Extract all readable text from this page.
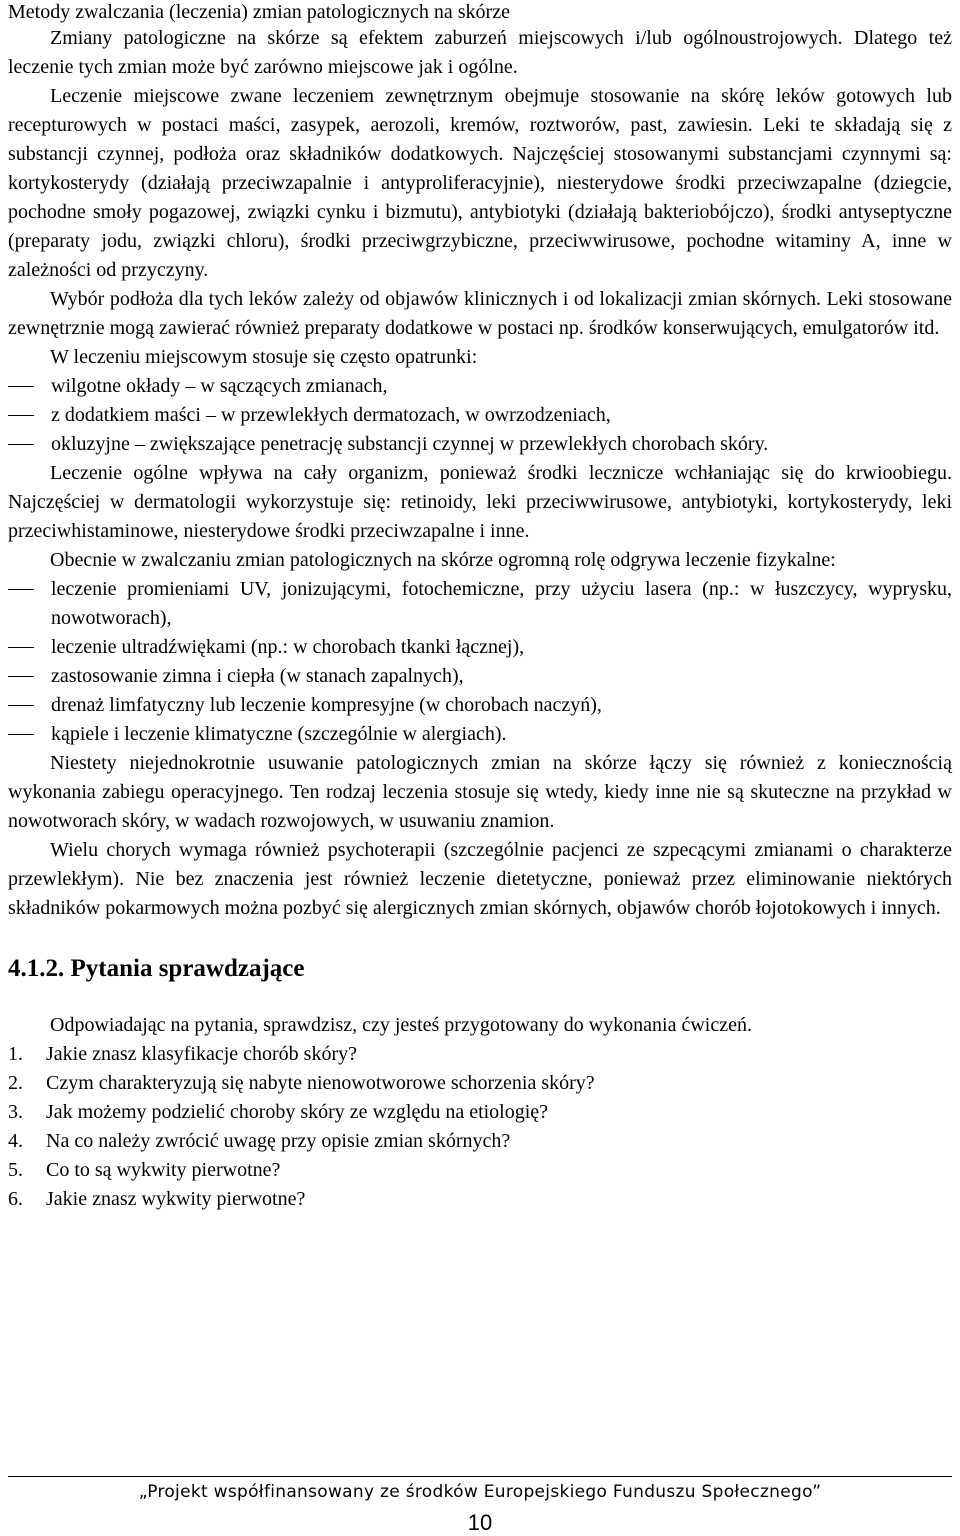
Metody zwalczania (leczenia) zmian patologicznych na skórze

Zmiany patologiczne na skórze są efektem zaburzeń miejscowych i/lub ogólnoustrojowych. Dlatego też leczenie tych zmian może być zarówno miejscowe jak i ogólne.

Leczenie miejscowe zwane leczeniem zewnętrznym obejmuje stosowanie na skórę leków gotowych lub recepturowych w postaci maści, zasypek, aerozoli, kremów, roztworów, past, zawiesin. Leki te składają się z substancji czynnej, podłoża oraz składników dodatkowych. Najczęściej stosowanymi substancjami czynnymi są: kortykosterydy (działają przeciwzapalnie i antyproliferacyjnie), niesterydowe środki przeciwzapalne (dziegcie, pochodne smoły pogazowej, związki cynku i bizmutu), antybiotyki (działają bakteriobójczo), środki antyseptyczne (preparaty jodu, związki chloru), środki przeciwgrzybiczne, przeciwwirusowe, pochodne witaminy A, inne w zależności od przyczyny.

Wybór podłoża dla tych leków zależy od objawów klinicznych i od lokalizacji zmian skórnych. Leki stosowane zewnętrznie mogą zawierać również preparaty dodatkowe w postaci np. środków konserwujących, emulgatorów itd.

W leczeniu miejscowym stosuje się często opatrunki:

wilgotne okłady – w sączących zmianach,
z dodatkiem maści – w przewlekłych dermatozach, w owrzodzeniach,
okluzyjne – zwiększające penetrację substancji czynnej w przewlekłych chorobach skóry.

Leczenie ogólne wpływa na cały organizm, ponieważ środki lecznicze wchłaniając się do krwioobiegu. Najczęściej w dermatologii wykorzystuje się: retinoidy, leki przeciwwirusowe, antybiotyki, kortykosterydy, leki przeciwhistaminowe, niesterydowe środki przeciwzapalne i inne.

Obecnie w zwalczaniu zmian patologicznych na skórze ogromną rolę odgrywa leczenie fizykalne:

leczenie promieniami UV, jonizującymi, fotochemiczne, przy użyciu lasera (np.: w łuszczycy, wyprysku, nowotworach),
leczenie ultradźwiękami (np.: w chorobach tkanki łącznej),
zastosowanie zimna i ciepła (w stanach zapalnych),
drenaż limfatyczny lub leczenie kompresyjne (w chorobach naczyń),
kąpiele i leczenie klimatyczne (szczególnie w alergiach).

Niestety niejednokrotnie usuwanie patologicznych zmian na skórze łączy się również z koniecznością wykonania zabiegu operacyjnego. Ten rodzaj leczenia stosuje się wtedy, kiedy inne nie są skuteczne na przykład w nowotworach skóry, w wadach rozwojowych, w usuwaniu znamion.

Wielu chorych wymaga również psychoterapii (szczególnie pacjenci ze szpecącymi zmianami o charakterze przewlekłym). Nie bez znaczenia jest również leczenie dietetyczne, ponieważ przez eliminowanie niektórych składników pokarmowych można pozbyć się alergicznych zmian skórnych, objawów chorób łojotokowych i innych.

4.1.2. Pytania sprawdzające

Odpowiadając na pytania, sprawdzisz, czy jesteś przygotowany do wykonania ćwiczeń.

1. Jakie znasz klasyfikacje chorób skóry?
2. Czym charakteryzują się nabyte nienowotworowe schorzenia skóry?
3. Jak możemy podzielić choroby skóry ze względu na etiologię?
4. Na co należy zwrócić uwagę przy opisie zmian skórnych?
5. Co to są wykwity pierwotne?
6. Jakie znasz wykwity pierwotne?
„Projekt współfinansowany ze środków Europejskiego Funduszu Społecznego”
10
